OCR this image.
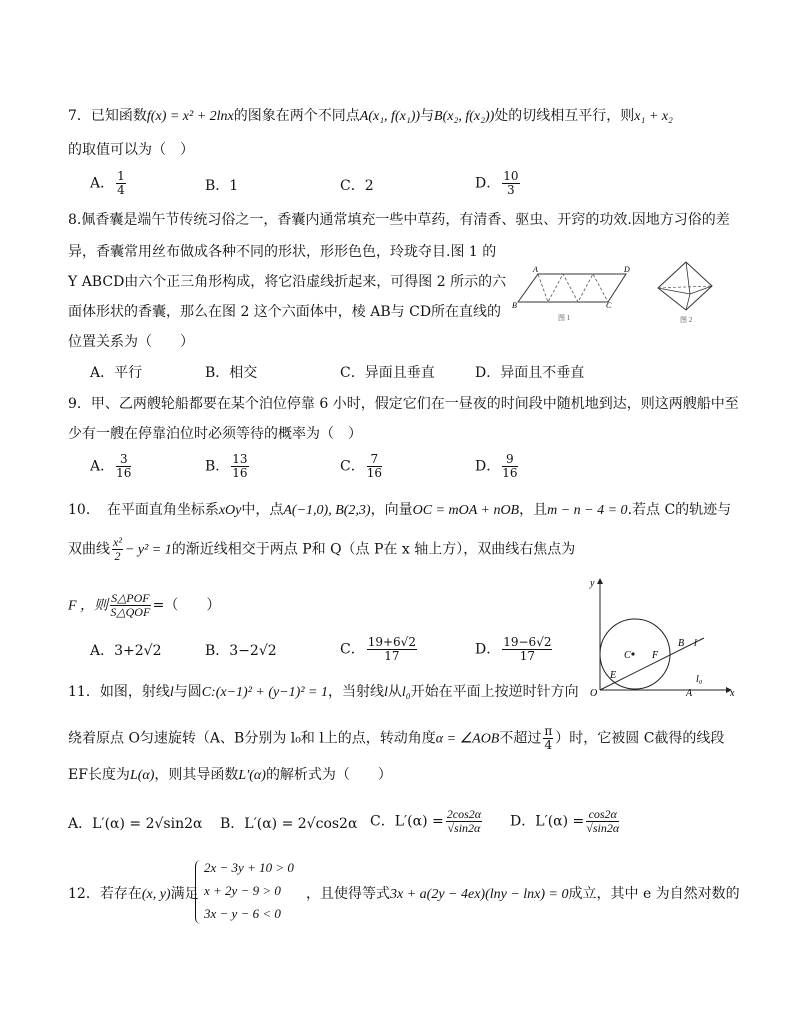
7．已知函数f(x) = x² + 2lnx的图象在两个不同点A(x₁, f(x₁))与B(x₂, f(x₂))处的切线相互平行，则x₁ + x₂
的取值可以为（　）
A． $\frac{1}{4}$	B．1	C．2	D． $\frac{10}{3}$
8.佩香囊是端午节传统习俗之一，香囊内通常填充一些中草药，有清香、驱虫、开窍的功效.因地方习俗的差
异，香囊常用丝布做成各种不同的形状，形形色色，玲珑夺目.图 1 的
Y ABCD由六个正三角形构成，将它沿虚线折起来，可得图 2 所示的六
面体形状的香囊，那么在图 2 这个六面体中，棱 AB与 CD所在直线的
位置关系为（　　）
A	D
B	C
图 1	图 2
A．平行	B．相交	C．异面且垂直	D．异面且不垂直
9．甲、乙两艘轮船都要在某个泊位停靠 6 小时，假定它们在一昼夜的时间段中随机地到达，则这两艘船中至
少有一艘在停靠泊位时必须等待的概率为（　）
A． $\frac{3}{16}$	B． $\frac{13}{16}$	C． $\frac{7}{16}$	D． $\frac{9}{16}$
10．　在平面直角坐标系xOy中，点A(−1,0), B(2,3)，向量OC = mOA + nOB，且m − n − 4 = 0.若点 C的轨迹与
双曲线 $\frac{\text{x²}}{2} - y^2 = 1$的渐近线相交于两点 P和 Q（点 P在 x 轴上方），双曲线右焦点为
F ，则 $\frac{\text{S△POF}}{\text{S△QOF}}$ =（　　）
A．3+2√2	B．3−2√2	C． $\frac{19+6√2}{17}$	D． $\frac{19-6√2}{17}$
O	x
y
C
E
F
B l
l₀
A
11．如图，射线l与圆C:(x−1)² + (y−1)² = 1，当射线l从l₀开始在平面上按逆时针方向
绕着原点 O匀速旋转（A、B分别为 l₀和 l上的点，转动角度α = ∠AOB不超过 $\frac{\pi}{4}$ ）时，它被圆 C截得的线段
EF长度为L(α)，则其导函数L′(α)的解析式为（　　）
A．L′(α) = 2√sin2α B．L′(α) = 2√cos2α C．$L'(\alpha) = \frac{2\cos 2\alpha}{√\sin 2\alpha}$ D．$L'(\alpha) = \frac{\cos 2\alpha}{√\sin 2\alpha}$
12．若存在(x, y)满足
2x − 3y + 10 > 0
x + 2y − 9 > 0
3x − y − 6 < 0
，且使得等式3x + a(2y − 4ex)(lny − lnx) = 0成立，其中 e 为自然对数的
